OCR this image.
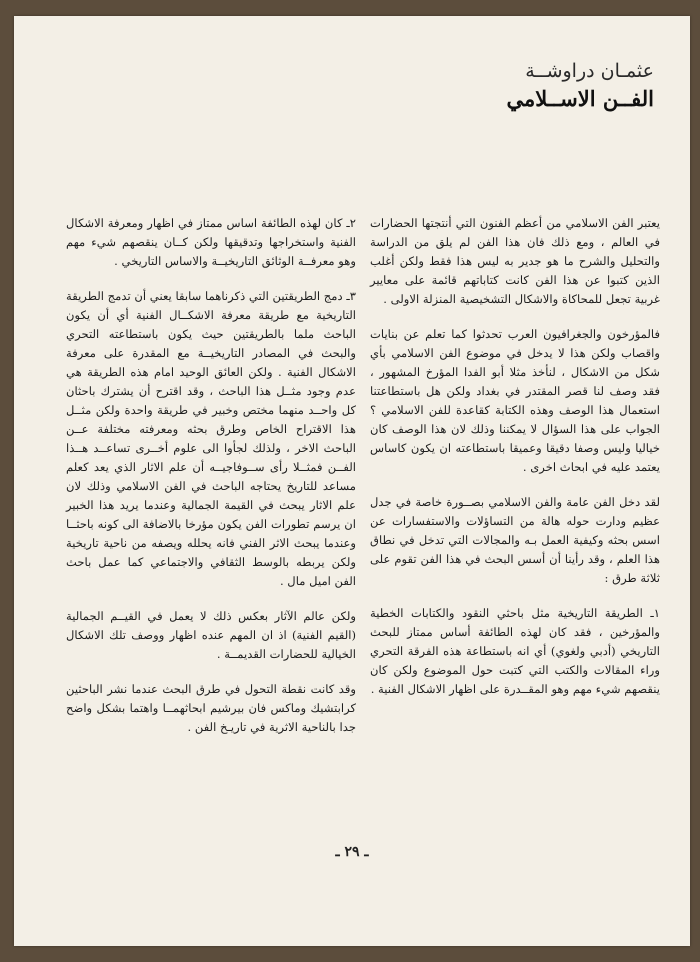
عثمـان دراوشــة
الفــن الاســلامي

يعتبر الفن الاسلامي من أعظم الفنون التي أنتجتها الحضارات في العالم ، ومع ذلك فان هذا الفن لم يلق من الدراسة والتحليل والشرح ما هو جدير به ليس هذا فقط ولكن أغلب الذين كتبوا عن هذا الفن كانت كتاباتهم قائمة على معايير غربية تجعل للمحاكاة والاشكال التشخيصية المنزلة الاولى .

فالمؤرخون والجغرافيون العرب تحدثوا كما تعلم عن بنايات واقصاب ولكن هذا لا يدخل في موضوع الفن الاسلامي بأي شكل من الاشكال ، لنأخذ مثلا أبو الفدا المؤرخ المشهور ، فقد وصف لنا قصر المقتدر في بغداد ولكن هل باستطاعتنا استعمال هذا الوصف وهذه الكتابة كقاعدة للفن الاسلامي ؟ الجواب على هذا السؤال لا يمكننا وذلك لان هذا الوصف كان خياليا وليس وصفا دقيقا وعميقا باستطاعته ان يكون كاساس يعتمد عليه في ابحاث اخرى .

لقد دخل الفن عامة والفن الاسلامي بصــورة خاصة في جدل عظيم ودارت حوله هالة من التساؤلات والاستفسارات عن اسس بحثه وكيفية العمل بـه والمجالات التي تدخل في نطاق هذا العلم ، وقد رأينا أن أسس البحث في هذا الفن تقوم على ثلاثة طرق :

١ـ الطريقة التاريخية مثل باحثي النقود والكتابات الخطية والمؤرخين ، فقد كان لهذه الطائفة أساس ممتاز للبحث التاريخي (أدبي ولغوي) أي انه باستطاعة هذه الفرقة التحري وراء المقالات والكتب التي كتبت حول الموضوع ولكن كان ينقصهم شيء مهم وهو المقــدرة على اظهار الاشكال الفنية .

٢ـ كان لهذه الطائفة اساس ممتاز في اظهار ومعرفة الاشكال الفنية واستخراجها وتدقيقها ولكن كــان ينقصهم شيء مهم وهو معرفــة الوثائق التاريخيــة والاساس التاريخي .

٣ـ دمج الطريقتين التي ذكرناهما سابقا يعني أن تدمج الطريقة التاريخية مع طريقة معرفة الاشكــال الفنية أي أن يكون الباحث ملما بالطريقتين حيث يكون باستطاعته التحري والبحث في المصادر التاريخيــة مع المقدرة على معرفة الاشكال الفنية . ولكن العائق الوحيد امام هذه الطريقة هي عدم وجود مثــل هذا الباحث ، وقد اقترح أن يشترك باحثان كل واحــد منهما مختص وخبير في طريقة واحدة ولكن مثــل هذا الاقتراح الخاص وطرق بحثه ومعرفته مختلفة عــن الباحث الاخر ، ولذلك لجأوا الى علوم أخــرى تساعــد هــذا الفــن فمثــلا رأى ســوفاجيــه أن علم الاثار الذي يعد كعلم مساعد للتاريخ يحتاجه الباحث في الفن الاسلامي وذلك لان علم الاثار يبحث في القيمة الجمالية وعندما يريد هذا الخبير ان يرسم تطورات الفن يكون مؤرخا بالاضافة الى كونه باحثــا وعندما يبحث الاثر الفني فانه يحلله ويصفه من ناحية تاريخية ولكن يربطه بالوسط الثقافي والاجتماعي كما عمل باحث الفن اميل مال .

ولكن عالم الآثار بعكس ذلك لا يعمل في القيــم الجمالية (القيم الفنية) اذ ان المهم عنده اظهار ووصف تلك الاشكال الخيالية للحضارات القديمــة .

وقد كانت نقطة التحول في طرق البحث عندما نشر الباحثين كرابتشيك وماكس فان بيرشيم ابحاثهمــا واهتما بشكل واضح جدا بالناحية الاثرية في تاريـخ الفن .

ـ ٢٩ ـ
